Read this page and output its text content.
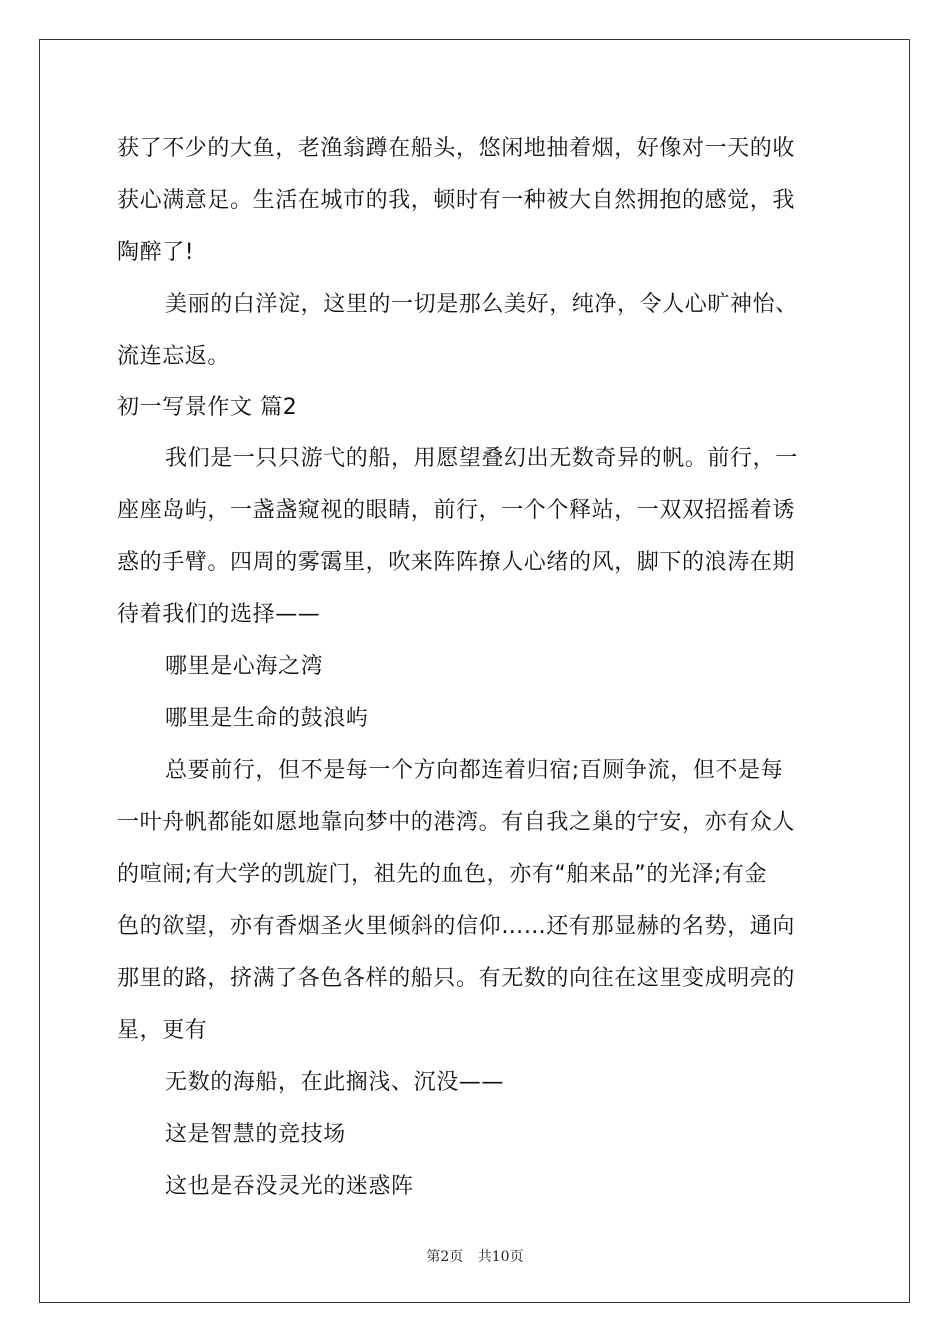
获了不少的大鱼，老渔翁蹲在船头，悠闲地抽着烟，好像对一天的收
获心满意足。生活在城市的我，顿时有一种被大自然拥抱的感觉，我
陶醉了!
美丽的白洋淀，这里的一切是那么美好，纯净，令人心旷神怡、
流连忘返。
初一写景作文 篇2
我们是一只只游弋的船，用愿望叠幻出无数奇异的帆。前行，一
座座岛屿，一盏盏窥视的眼睛，前行，一个个释站，一双双招摇着诱
惑的手臂。四周的雾霭里，吹来阵阵撩人心绪的风，脚下的浪涛在期
待着我们的选择——
哪里是心海之湾
哪里是生命的鼓浪屿
总要前行，但不是每一个方向都连着归宿;百厕争流，但不是每
一叶舟帆都能如愿地靠向梦中的港湾。有自我之巢的宁安，亦有众人
的喧闹;有大学的凯旋门，祖先的血色，亦有“舶来品”的光泽;有金
色的欲望，亦有香烟圣火里倾斜的信仰……还有那显赫的名势，通向
那里的路，挤满了各色各样的船只。有无数的向往在这里变成明亮的
星，更有
无数的海船，在此搁浅、沉没——
这是智慧的竞技场
这也是吞没灵光的迷惑阵
第2页 共10页
